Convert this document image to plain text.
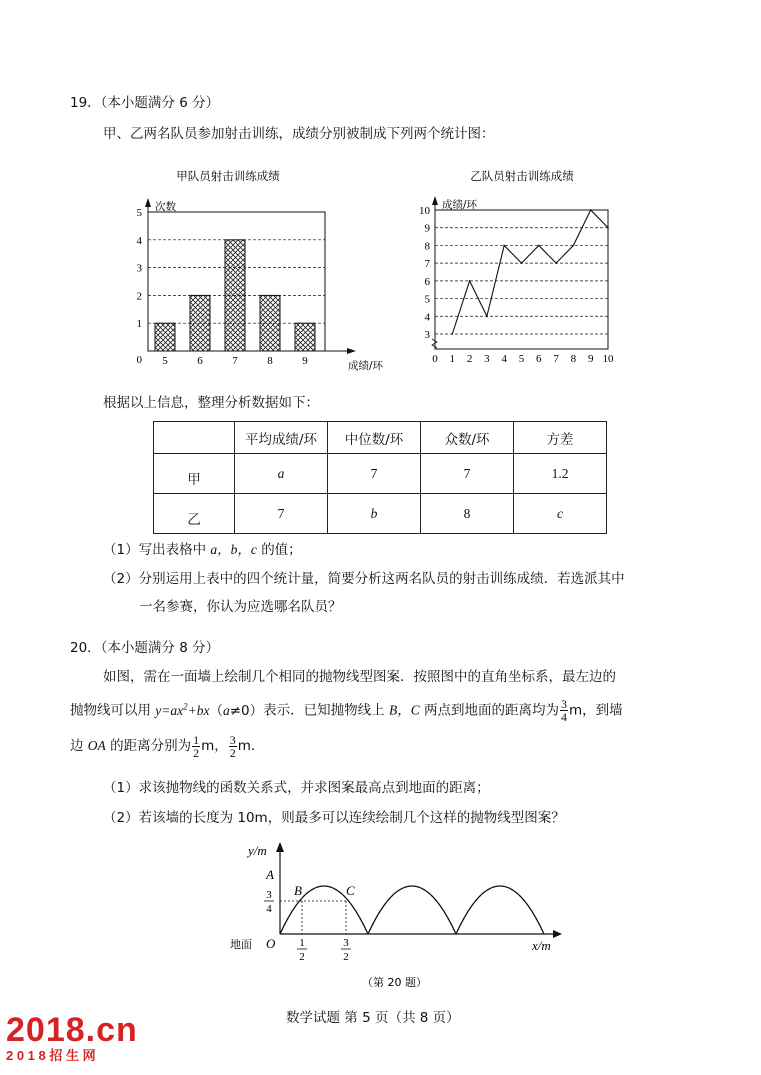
19．（本小题满分 6 分）
甲、乙两名队员参加射击训练，成绩分别被制成下列两个统计图：
甲队员射击训练成绩
1
2
3
4
5 次数
成绩/环
0 5	6	7	8	9
乙队员射击训练成绩
3
4
5
6
7
8
9
10 成绩/环
0 1 2 3 4 5 6 7 8 9 10
根据以上信息，整理分析数据如下：
	平均成绩/环	中位数/环	众数/环	方差
甲	a	7	7	1.2
乙	7	b	8	c
（1）写出表格中 a，b，c 的值；
（2）分别运用上表中的四个统计量，简要分析这两名队员的射击训练成绩．若选派其中
一名参赛，你认为应选哪名队员？
20．（本小题满分 8 分）
如图，需在一面墙上绘制几个相同的抛物线型图案．按照图中的直角坐标系，最左边的
抛物线可以用 $y=ax^2+bx(a\ne 0)$表示．已知抛物线上 B，C 两点到地面的距离均为 $\frac{3}{4}$ m，到墙
边 OA 的距离分别为 $\frac{1}{2}$ m， $\frac{3}{2}$ m．
（1）求该抛物线的函数关系式，并求图案最高点到地面的距离；
（2）若该墙的长度为 10m，则最多可以连续绘制几个这样的抛物线型图案？
y/m
x/m
A
B	C
O
地面
3
4
1
2
3
2
（第 20 题）
数学试题 第 5 页（共 8 页）
2018.cn
2 0 1 8 招 生 网
